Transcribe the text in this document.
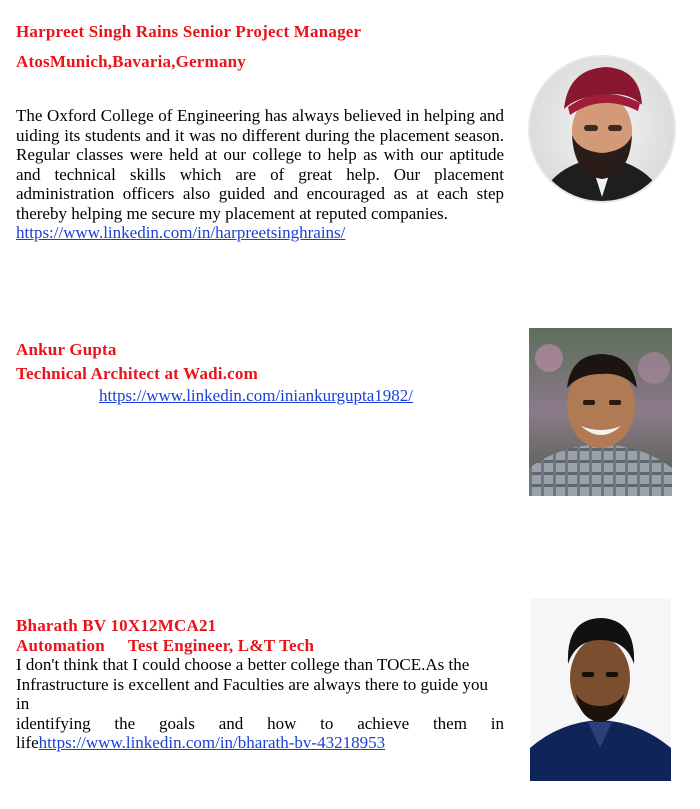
Harpreet Singh Rains Senior Project Manager
AtosMunich,Bavaria,Germany
The Oxford College of Engineering has always believed in helping and uiding its students and it was no different during the placement season. Regular classes were held at our college to help as with our aptitude and technical skills which are of great help. Our placement administration officers also guided and encouraged as at each step thereby helping me secure my placement at reputed companies.
https://www.linkedin.com/in/harpreetsinghrains/
Ankur Gupta
Technical Architect at Wadi.com
https://www.linkedin.com/iniankurgupta1982/
Bharath BV 10X12MCA21
Automation Test Engineer, L&T Tech
I don't think that I could choose a better college than TOCE.As the
Infrastructure is excellent and Faculties are always there to guide you in
identifying the goals and how to achieve them in
lifehttps://www.linkedin.com/in/bharath-bv-43218953
